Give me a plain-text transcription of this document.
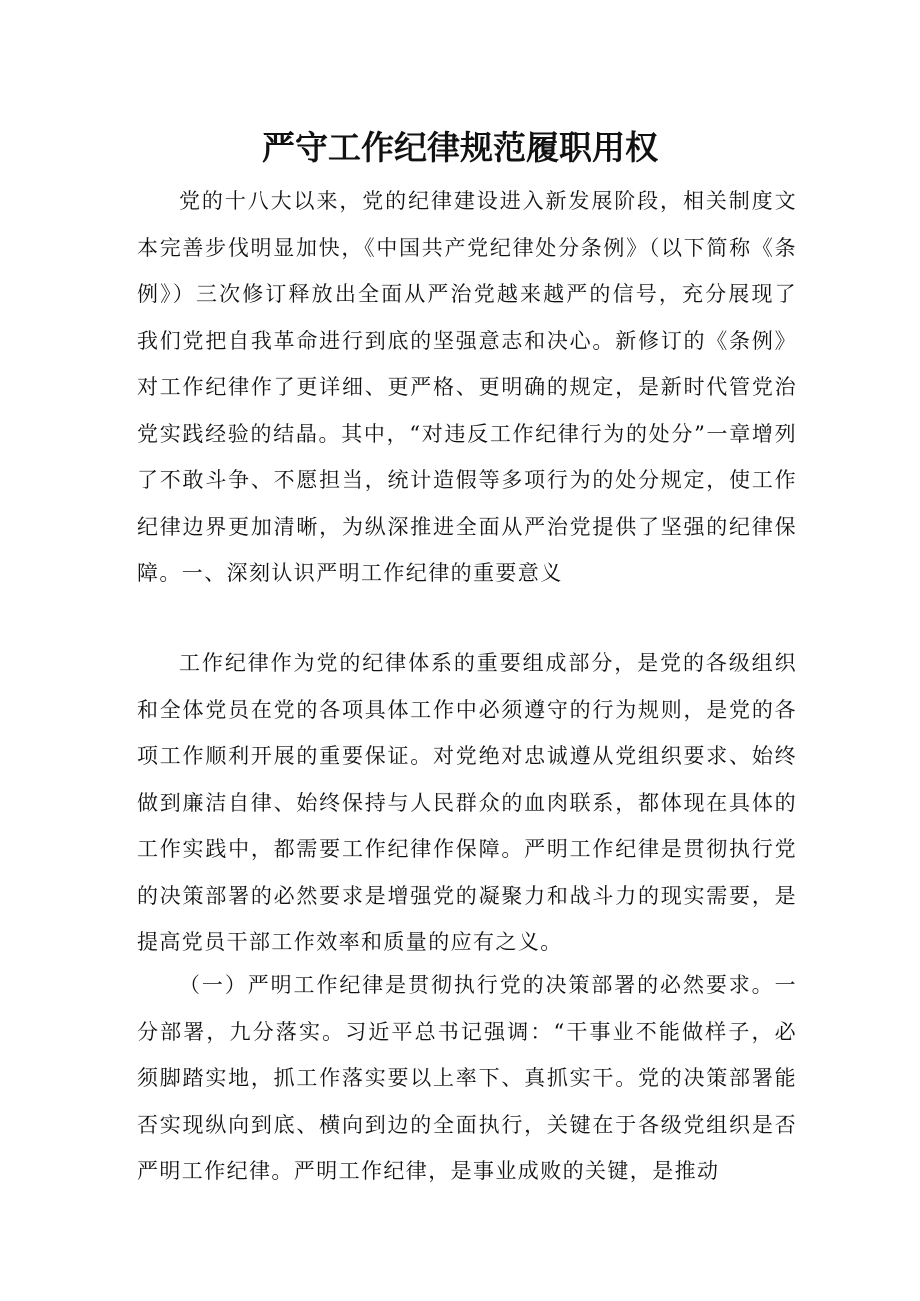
严守工作纪律规范履职用权

党的十八大以来，党的纪律建设进入新发展阶段，相关制度文本完善步伐明显加快，《中国共产党纪律处分条例》（以下简称《条例》）三次修订释放出全面从严治党越来越严的信号，充分展现了我们党把自我革命进行到底的坚强意志和决心。新修订的《条例》对工作纪律作了更详细、更严格、更明确的规定，是新时代管党治党实践经验的结晶。其中，“对违反工作纪律行为的处分”一章增列了不敢斗争、不愿担当，统计造假等多项行为的处分规定，使工作纪律边界更加清晰，为纵深推进全面从严治党提供了坚强的纪律保障。一、深刻认识严明工作纪律的重要意义

工作纪律作为党的纪律体系的重要组成部分，是党的各级组织和全体党员在党的各项具体工作中必须遵守的行为规则，是党的各项工作顺利开展的重要保证。对党绝对忠诚遵从党组织要求、始终做到廉洁自律、始终保持与人民群众的血肉联系，都体现在具体的工作实践中，都需要工作纪律作保障。严明工作纪律是贯彻执行党的决策部署的必然要求是增强党的凝聚力和战斗力的现实需要，是提高党员干部工作效率和质量的应有之义。

（一）严明工作纪律是贯彻执行党的决策部署的必然要求。一分部署，九分落实。习近平总书记强调：“干事业不能做样子，必须脚踏实地，抓工作落实要以上率下、真抓实干。党的决策部署能否实现纵向到底、横向到边的全面执行，关键在于各级党组织是否严明工作纪律。严明工作纪律，是事业成败的关键，是推动
